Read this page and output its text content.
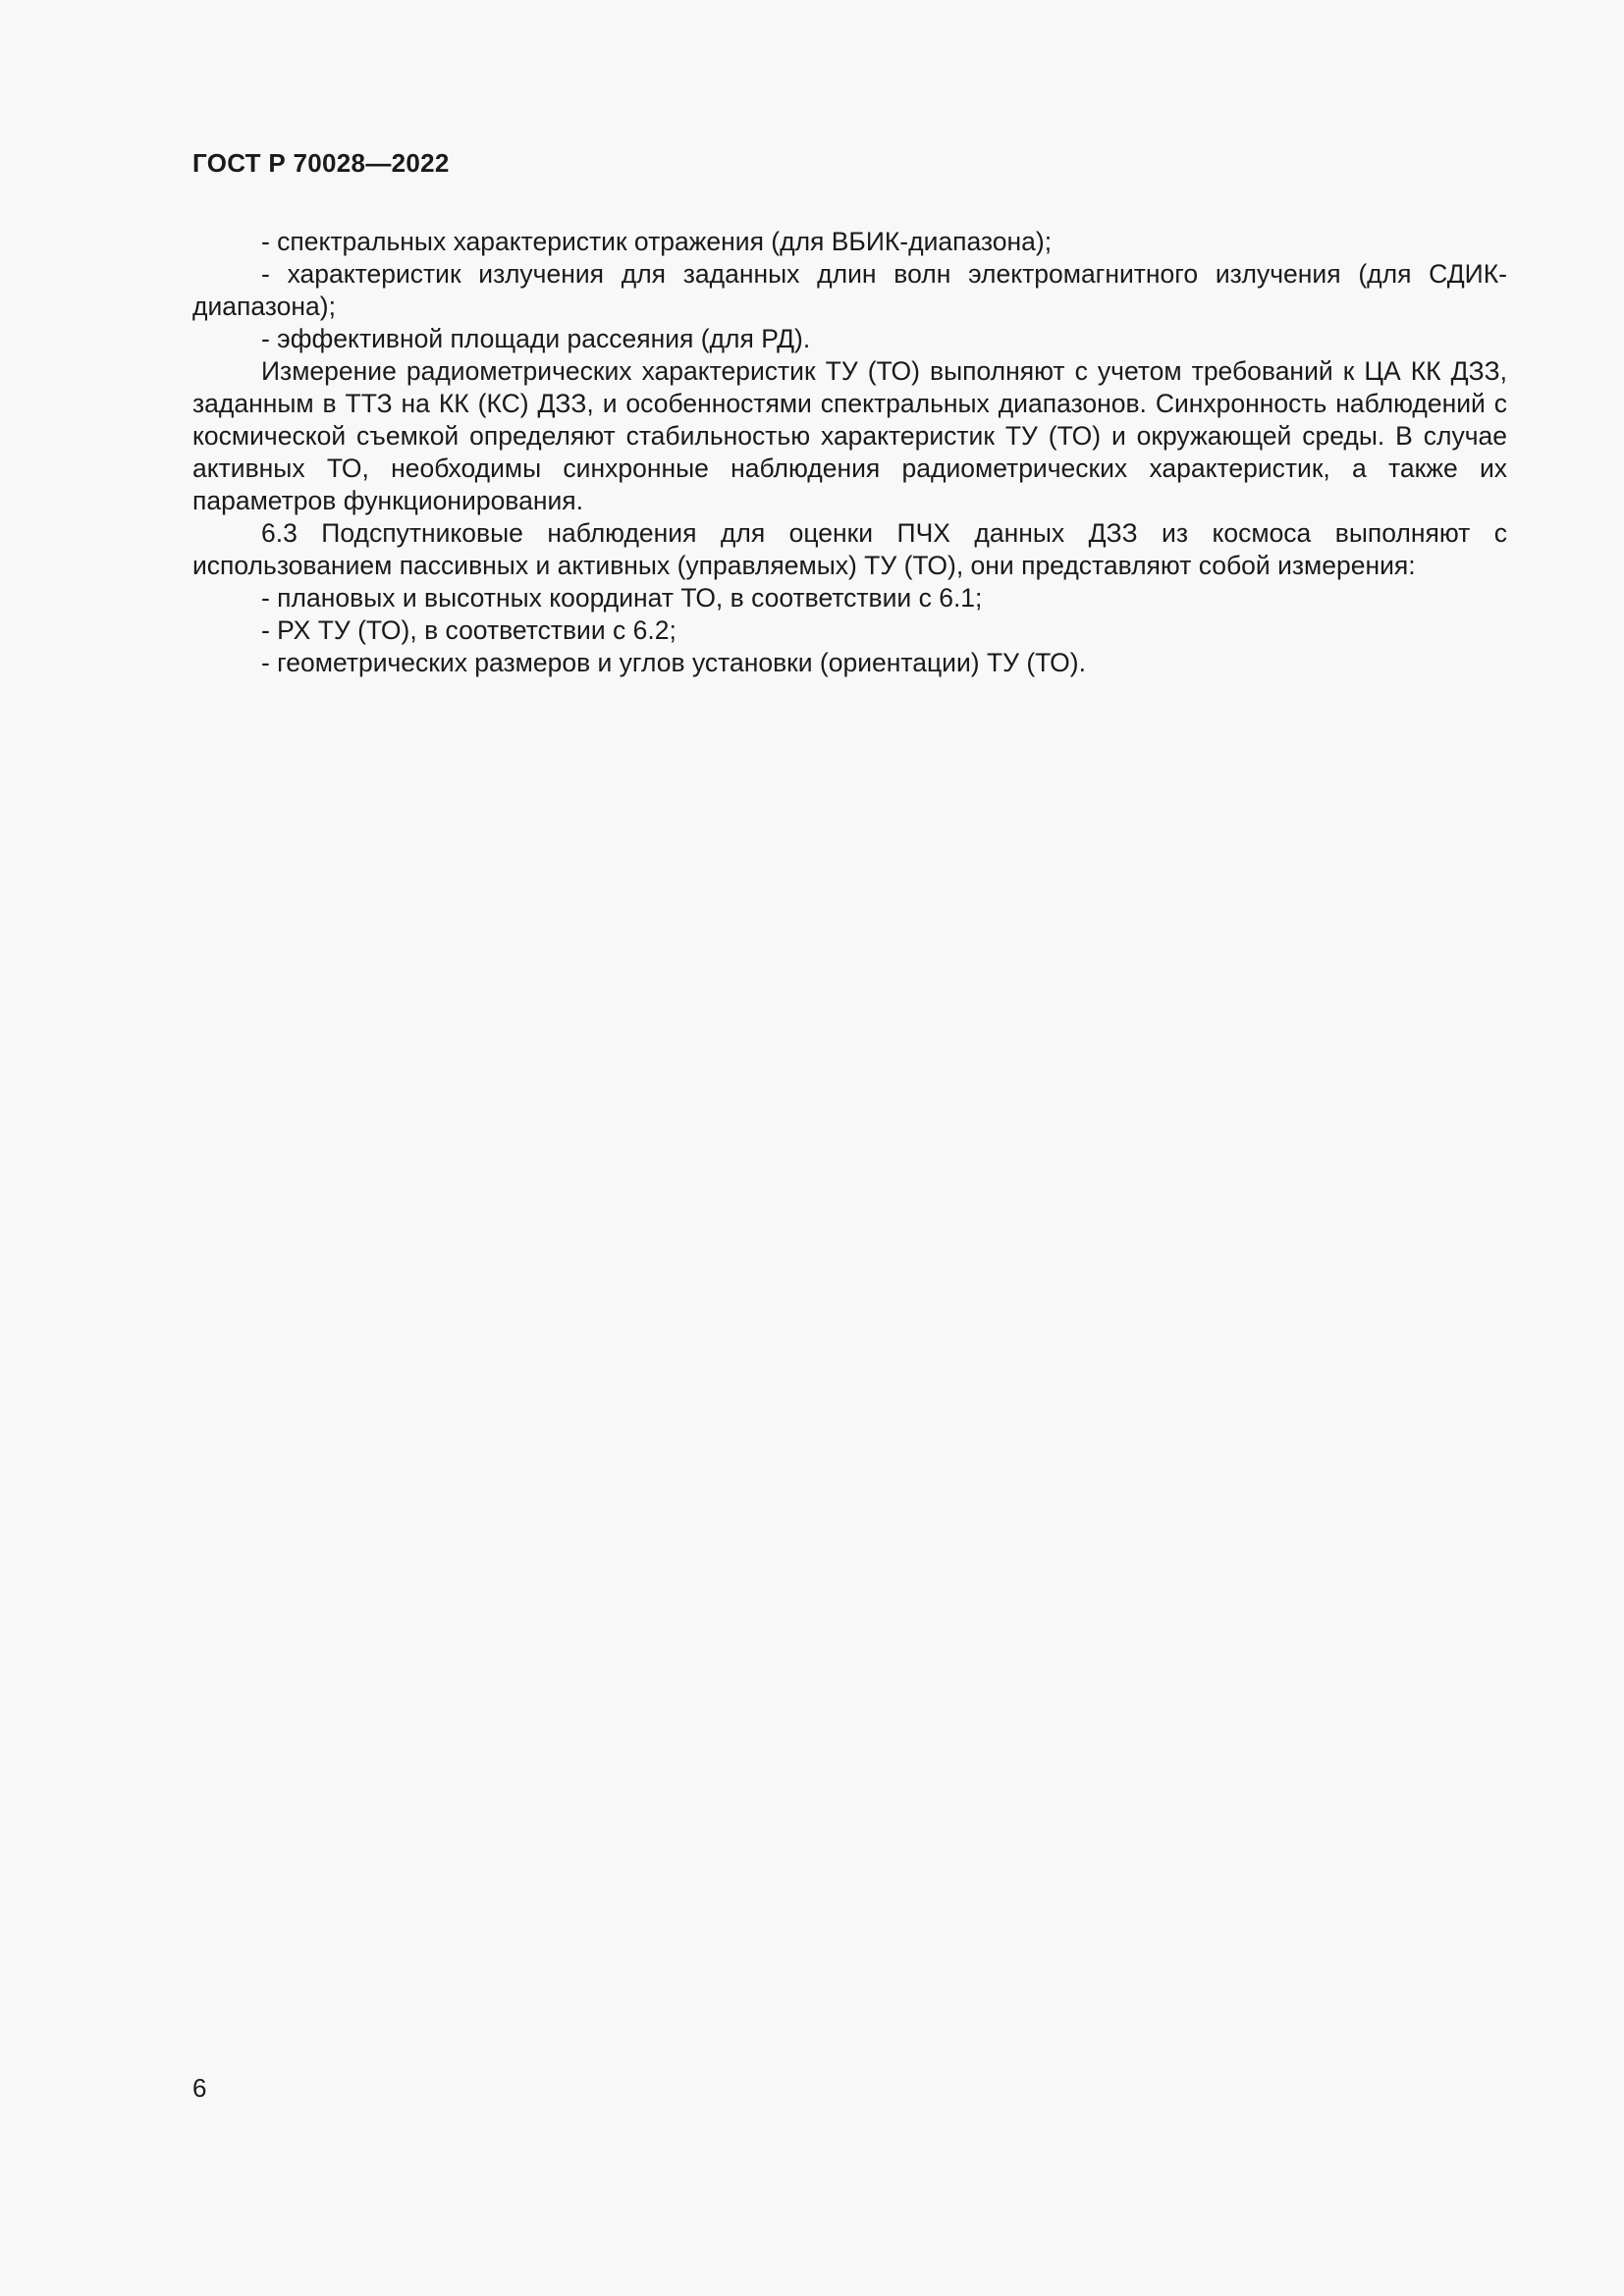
ГОСТ Р 70028—2022

- спектральных характеристик отражения (для ВБИК-диапазона);

- характеристик излучения для заданных длин волн электромагнитного излучения (для СДИК-диапазона);

- эффективной площади рассеяния (для РД).

Измерение радиометрических характеристик ТУ (ТО) выполняют с учетом требований к ЦА КК ДЗЗ, заданным в ТТЗ на КК (КС) ДЗЗ, и особенностями спектральных диапазонов. Синхронность наблюдений с космической съемкой определяют стабильностью характеристик ТУ (ТО) и окружающей среды. В случае активных ТО, необходимы синхронные наблюдения радиометрических характеристик, а также их параметров функционирования.

6.3 Подспутниковые наблюдения для оценки ПЧХ данных ДЗЗ из космоса выполняют с использованием пассивных и активных (управляемых) ТУ (ТО), они представляют собой измерения:

- плановых и высотных координат ТО, в соответствии с 6.1;

- РХ ТУ (ТО), в соответствии с 6.2;

- геометрических размеров и углов установки (ориентации) ТУ (ТО).

6
